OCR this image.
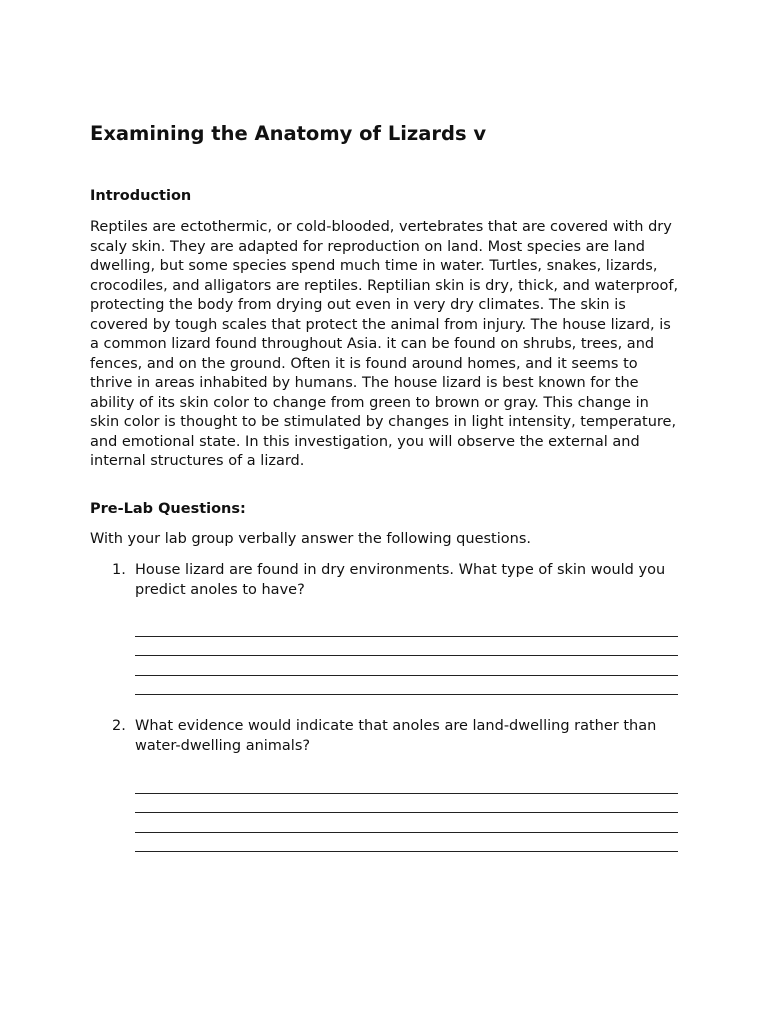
Examining the Anatomy of Lizards v
Introduction

Reptiles are ectothermic, or cold-blooded, vertebrates that are covered with dry scaly skin. They are adapted for reproduction on land. Most species are land dwelling, but some species spend much time in water. Turtles, snakes, lizards, crocodiles, and alligators are reptiles. Reptilian skin is dry, thick, and waterproof, protecting the body from drying out even in very dry climates. The skin is covered by tough scales that protect the animal from injury. The house lizard, is a common lizard found throughout Asia. it can be found on shrubs, trees, and fences, and on the ground. Often it is found around homes, and it seems to thrive in areas inhabited by humans. The house lizard is best known for the ability of its skin color to change from green to brown or gray. This change in skin color is thought to be stimulated by changes in light intensity, temperature, and emotional state. In this investigation, you will observe the external and internal structures of a lizard.

Pre-Lab Questions:

With your lab group verbally answer the following questions.

1. House lizard are found in dry environments. What type of skin would you predict anoles to have?

2. What evidence would indicate that anoles are land-dwelling rather than water-dwelling animals?
